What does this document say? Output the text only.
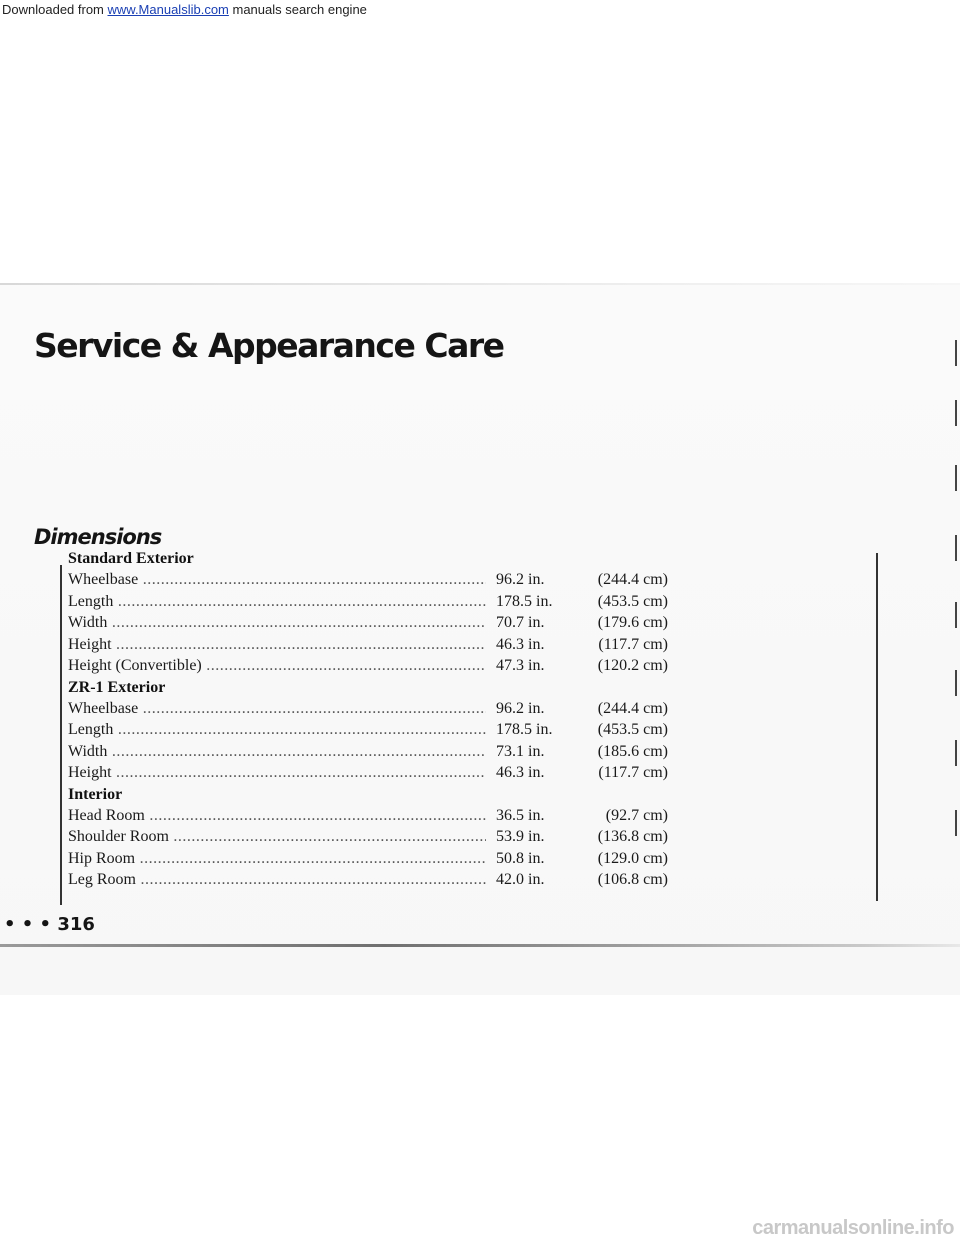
Downloaded from www.Manualslib.com manuals search engine
Service & Appearance Care
Dimensions
Standard Exterior
Wheelbase .....	96.2 in.	(244.4 cm)
Length .....	178.5 in.	(453.5 cm)
Width .....	70.7 in.	(179.6 cm)
Height .....	46.3 in.	(117.7 cm)
Height (Convertible) .....	47.3 in.	(120.2 cm)
ZR-1 Exterior
Wheelbase .....	96.2 in.	(244.4 cm)
Length .....	178.5 in.	(453.5 cm)
Width .....	73.1 in.	(185.6 cm)
Height .....	46.3 in.	(117.7 cm)
Interior
Head Room .....	36.5 in.	(92.7 cm)
Shoulder Room .....	53.9 in.	(136.8 cm)
Hip Room .....	50.8 in.	(129.0 cm)
Leg Room .....	42.0 in.	(106.8 cm)
• • • 316
carmanualsonline.info
